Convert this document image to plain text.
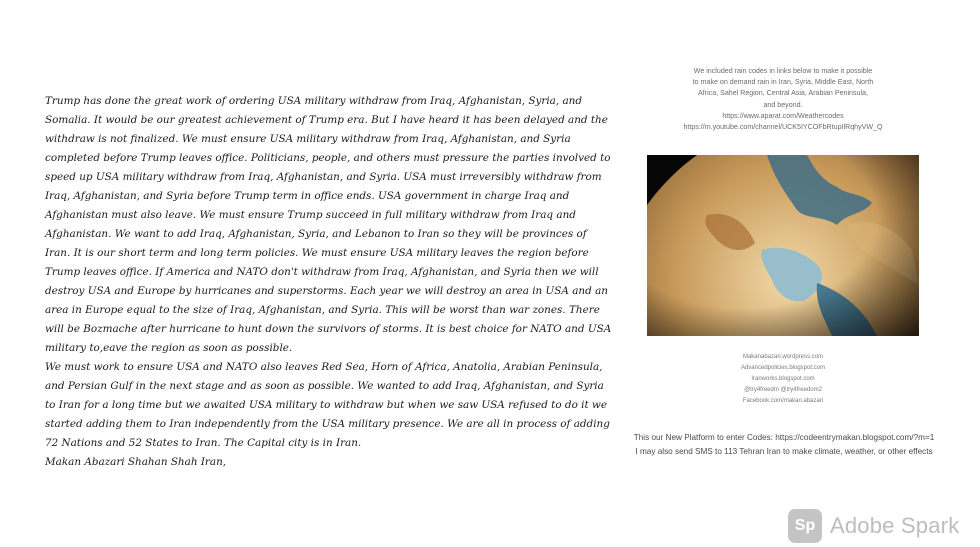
Trump has done the great work of ordering USA military withdraw from Iraq, Afghanistan, Syria, and Somalia. It would be our greatest achievement of Trump era. But I have heard it has been delayed and the withdraw is not finalized. We must ensure USA military withdraw from Iraq, Afghanistan, and Syria completed before Trump leaves office. Politicians, people, and others must pressure the parties involved to speed up USA military withdraw from Iraq, Afghanistan, and Syria. USA must irreversibly withdraw from Iraq, Afghanistan, and Syria before Trump term in office ends. USA government in charge Iraq and Afghanistan must also leave. We must ensure Trump succeed in full military withdraw from Iraq and Afghanistan. We want to add Iraq, Afghanistan, Syria, and Lebanon to Iran so they will be provinces of Iran. It is our short term and long term policies. We must ensure USA military leaves the region before Trump leaves office. If America and NATO don't withdraw from Iraq, Afghanistan, and Syria then we will destroy USA and Europe by hurricanes and superstorms. Each year we will destroy an area in USA and an area in Europe equal to the size of Iraq, Afghanistan, and Syria. This will be worst than war zones. There will be Bozmache after hurricane to hunt down the survivors of storms. It is best choice for NATO and USA military to,eave the region as soon as possible.

We must work to ensure USA and NATO also leaves Red Sea, Horn of Africa, Anatolia, Arabian Peninsula, and Persian Gulf in the next stage and as soon as possible. We wanted to add Iraq, Afghanistan, and Syria to Iran for a long time but we awaited USA military to withdraw but when we saw USA refused to do it we started adding them to Iran independently from the USA military presence. We are all in process of adding 72 Nations and 52 States to Iran. The Capital city is in Iran.

Makan Abazari Shahan Shah Iran,

We included rain codes in links below to make it possible
to make on demand rain in Iran, Syria, Middle East, North
Africa, Sahel Region, Central Asia, Arabian Peninsula,
and beyond.
https://www.aparat.com/Weathercodes
https://m.youtube.com/channel/UCK5IYCOFbRtupIlRqhyVW_Q
Makanabazari.wordpress.com
Advancedpolicies.blogspot.com
Iranworks.blogspot.com
@try4freedm @try4freedom2
Facebook.com/makan.abazari
This our New Platform to enter Codes: https://codeentrymakan.blogspot.com/?m=1
I may also send SMS to 113 Tehran Iran to make climate, weather, or other effects
Sp Adobe Spark
